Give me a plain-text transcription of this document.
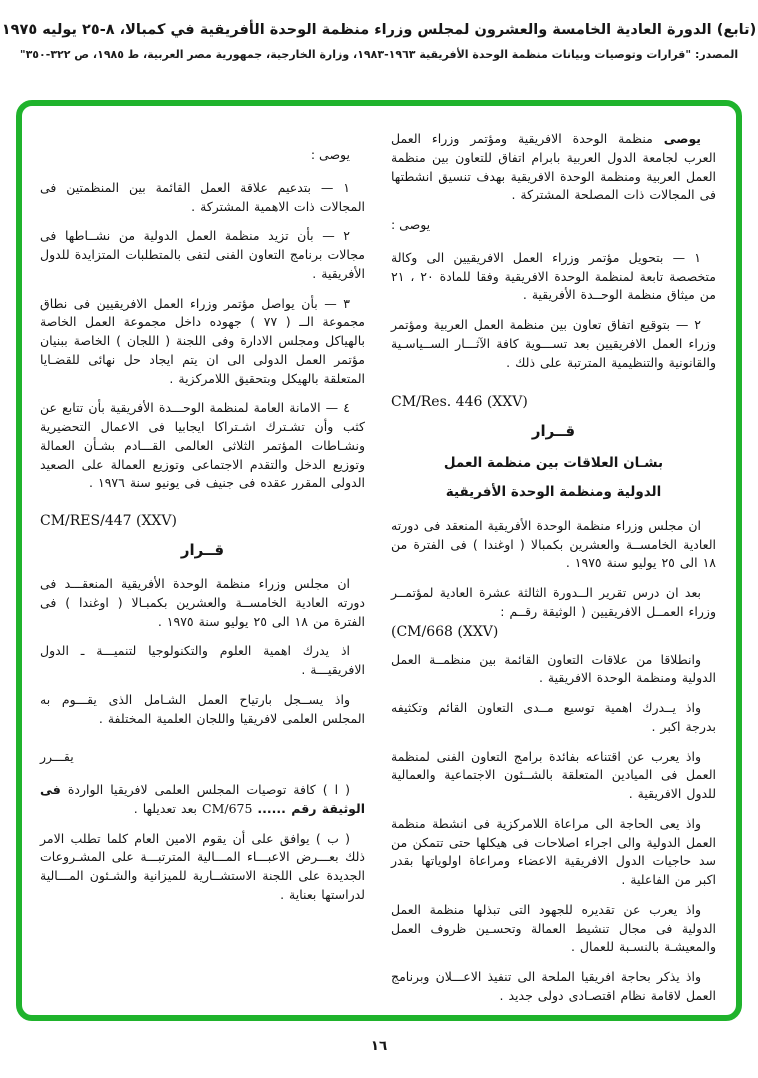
(تابع) الدورة العادية الخامسة والعشرون لمجلس وزراء منظمة الوحدة الأفريقية في كمبالا، ٨-٢٥ يوليه ١٩٧٥
المصدر: "قرارات وتوصيات وبيانات منظمة الوحدة الأفريقية ١٩٦٣-١٩٨٣، وزارة الخارجية، جمهورية مصر العربية، ط ١٩٨٥، ص ٣٢٢-٣٥٠"

يوصى منظمة الوحدة الافريقية ومؤتمر وزراء العمل العرب لجامعة الدول العربية بابرام اتفاق للتعاون بين منظمة العمل العربية ومنظمة الوحدة الافريقية بهدف تنسيق انشطتها فى المجالات ذات المصلحة المشتركة .

يوصى :

١ — بتحويل مؤتمر وزراء العمل الافريقيين الى وكالة متخصصة تابعة لمنظمة الوحدة الافريقية وفقا للمادة ٢٠ ، ٢١ من ميثاق منظمة الوحــدة الأفريقية .

٢ — بتوقيع اتفاق تعاون بين منظمة العمل العربية ومؤتمر وزراء العمل الافريقيين بعد تســـوية كافة الآثـــار الســياسـية والقانونية والتنظيمية المترتبة على ذلك .

CM/Res. 446 (XXV)

قــرار

بشـان العلاقات بين منظمة العمل

الدولية ومنظمة الوحدة الأفريقية

ان مجلس وزراء منظمة الوحدة الأفريقية المنعقد فى دورته العادية الخامســة والعشرين بكمبالا ( اوغندا ) فى الفترة من ١٨ الى ٢٥ يوليو سنة ١٩٧٥ .

بعد ان درس تقرير الــدورة الثالثة عشرة العادية لمؤتمــر وزراء العمــل الافريقيين ( الوثيقة رقــم :

(CM/668 (XXV)

وانطلاقا من علاقات التعاون القائمة بين منظمــة العمل الدولية ومنظمة الوحدة الافريقية .

واذ يــدرك اهمية توسيع مــدى التعاون القائم وتكثيفه بدرجة اكبر .

واذ يعرب عن اقتناعه بفائدة برامج التعاون الفنى لمنظمة العمل فى الميادين المتعلقة بالشــئون الاجتماعية والعمالية للدول الافريقية .

واذ يعى الحاجة الى مراعاة اللامركزية فى انشطة منظمة العمل الدولية والى اجراء اصلاحات فى هيكلها حتى تتمكن من سد حاجيات الدول الافريقية الاعضاء ومراعاة اولوياتها بقدر اكبر من الفاعلية .

واذ يعرب عن تقديره للجهود التى تبذلها منظمة العمل الدولية فى مجال تنشيط العمالة وتحسـين ظروف العمل والمعيشـة بالنسـبة للعمال .

واذ يذكر بحاجة افريقيا الملحة الى تنفيذ الاعـــلان وبرنامج العمل لاقامة نظام اقتصـادى دولى جديد .

يوصى :

١ — بتدعيم علاقة العمل القائمة بين المنظمتين فى المجالات ذات الاهمية المشتركة .

٢ — بأن تزيد منظمة العمل الدولية من نشــاطها فى مجالات برنامج التعاون الفنى لتفى بالمتطلبات المتزايدة للدول الأفريقية .

٣ — بأن يواصل مؤتمر وزراء العمل الافريقيين فى نطاق مجموعة الــ ( ٧٧ ) جهوده داخل مجموعة العمل الخاصة بالهياكل ومجلس الادارة وفى اللجنة ( اللجان ) الخاصة ببنيان مؤتمر العمل الدولى الى ان يتم ايجاد حل نهائى للقضـايا المتعلقة بالهيكل وبتحقيق اللامركزية .

٤ — الامانة العامة لمنظمة الوحـــدة الأفريقية بأن تتابع عن كثب وأن تشـترك اشـتراكا ايجابيا فى الاعمال التحضيرية ونشـاطات المؤتمر الثلاثى العالمى القـــادم بشـأن العمالة وتوزيع الدخل والتقدم الاجتماعى وتوزيع العمالة على الصعيد الدولى المقرر عقده فى جنيف فى يونيو سنة ١٩٧٦ .

CM/RES/447 (XXV)

قــرار

ان مجلس وزراء منظمة الوحدة الأفريقية المنعقـــد فى دورته العادية الخامســة والعشرين بكمبـالا ( اوغندا ) فى الفترة من ١٨ الى ٢٥ يوليو سنة ١٩٧٥ .

اذ يدرك اهمية العلوم والتكنولوجيا لتنميـــة ـ الدول الافريقيـــة .

واذ يســجل بارتياح العمل الشـامل الذى يقـــوم به المجلس العلمى لافريقيا واللجان العلمية المختلفة .

يقـــرر

( ا ) كافة توصيات المجلس العلمى لافريقيا الواردة فى الوثيقة رقم ...... CM/675 بعد تعديلها .

( ب ) يوافق على أن يقوم الامين العام كلما تطلب الامر ذلك بعـــرض الاعبـــاء المـــالية المترتبـــة على المشـروعات الجديدة على اللجنة الاستشــارية للميزانية والشـئون المـــالية لدراستها بعناية .

١٦
